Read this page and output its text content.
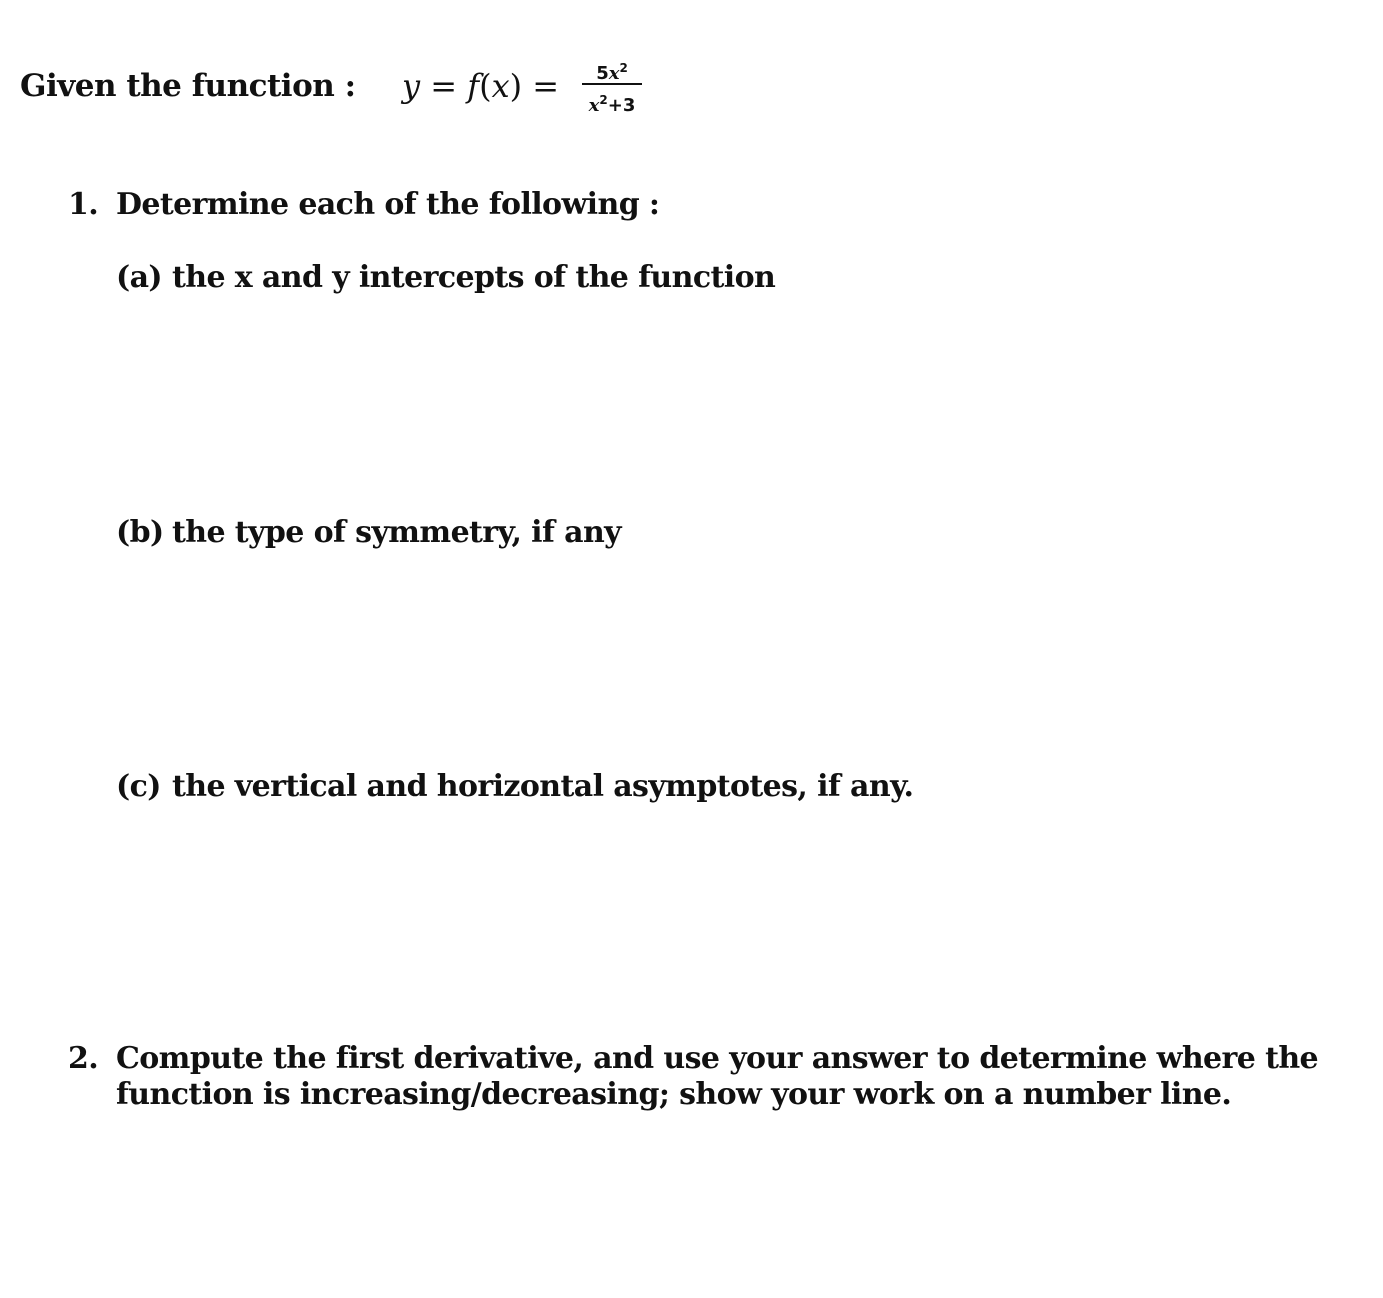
Given the function : y = f(x) =	$5x^2$
$x^2+3$
1. Determine each of the following :
(a) the x and y intercepts of the function
(b) the type of symmetry, if any
(c) the vertical and horizontal asymptotes, if any.
2. Compute the first derivative, and use your answer to determine where the
function is increasing/decreasing; show your work on a number line.
